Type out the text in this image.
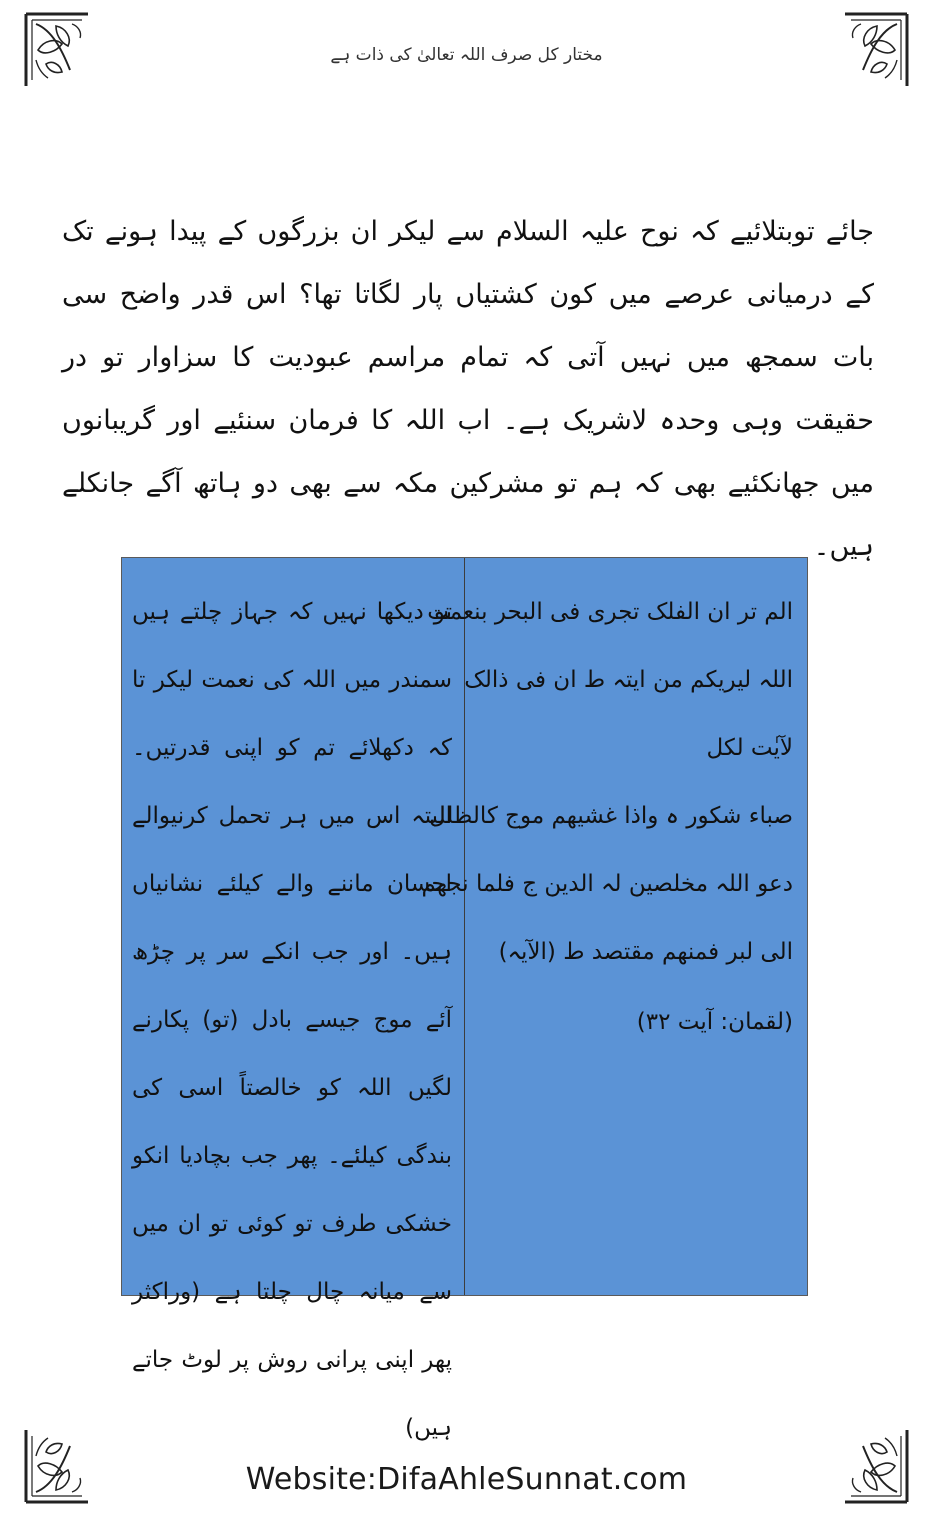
مختار کل صرف اللہ تعالیٰ کی ذات ہے
جائے توبتلائیے کہ نوح علیہ السلام سے لیکر ان بزرگوں کے پیدا ہونے تک کے درمیانی عرصے میں کون کشتیاں پار لگاتا تھا؟ اس قدر واضح سی بات سمجھ میں نہیں آتی کہ تمام مراسم عبودیت کا سزاوار تو در حقیقت وہی وحدہ لاشریک ہے۔ اب اللہ کا فرمان سنئیے اور گریبانوں میں جھانکئیے بھی کہ ہم تو مشرکین مکہ سے بھی دو ہاتھ آگے جانکلے ہیں۔
الم تر ان الفلک تجری فی البحر بنعمت
اللہ لیریکم من ایتہ ط ان فی ذالک
لآیٰت لکل
صباء شکور ہ واذا غشیھم موج کالظلل
دعو اللہ مخلصین لہ الدین ج فلما نجھم
الی لبر فمنھم مقتصد ط (الآیہ)
(لقمان: آیت ۳۲)
تو دیکھا نہیں کہ جہاز چلتے ہیں سمندر میں اللہ کی نعمت لیکر تا کہ دکھلائے تم کو اپنی قدرتیں۔ البتہ اس میں ہر تحمل کرنیوالے احسان ماننے والے کیلئے نشانیاں ہیں۔ اور جب انکے سر پر چڑھ آئے موج جیسے بادل (تو) پکارنے لگیں اللہ کو خالصتاً اسی کی بندگی کیلئے۔ پھر جب بچادیا انکو خشکی طرف تو کوئی تو ان میں سے میانہ چال چلتا ہے (وراکثر پھر اپنی پرانی روش پر لوٹ جاتے ہیں)
Website:DifaAhleSunnat.com
